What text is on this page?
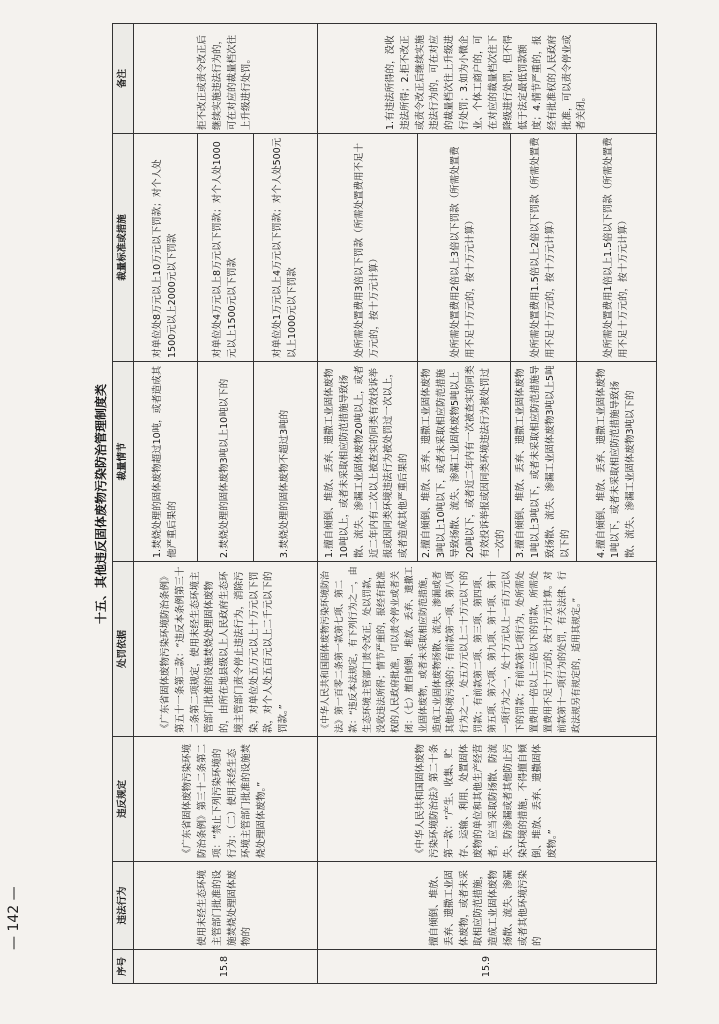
— 142 —
十五、其他违反固体废物污染防治管理制度类
序号	违法行为	违反规定	处罚依据	裁量情节	裁量标准或措施	备注
15.8	使用未经生态环境主管部门批准的设施焚烧处理固体废物的	《广东省固体废物污染环境防治条例》第三十二条第二项：“禁止下列污染环境的行为：（二）使用未经生态环境主管部门批准的设施焚烧处理固体废物。”	《广东省固体废物污染环境防治条例》第五十一条第二款：“违反本条例第三十二条第二项规定，使用未经生态环境主管部门批准的设施焚烧处理固体废物的，由所在地县级以上人民政府生态环境主管部门责令停止违法行为，消除污染，对单位处五万元以上十万元以下罚款，对个人处五百元以上二千元以下的罚款。”	1.焚烧处理的固体废物超过10吨，或者造成其他严重后果的	对单位处8万元以上10万元以下罚款；对个人处1500元以上2000元以下罚款	拒不改正或责令改正后继续实施违法行为的，可在对应的裁量档次往上升级进行处罚。
				2.焚烧处理的固体废物3吨以上10吨以下的	对单位处4万元以上8万元以下罚款；对个人处1000元以上1500元以下罚款	
				3.焚烧处理的固体废物不超过3吨的	对单位处1万元以上4万元以下罚款；对个人处500元以上1000元以下罚款	
15.9	擅自倾倒、堆放、丢弃、遗撒工业固体废物，或者未采取相应防范措施，造成工业固体废物扬散、流失、渗漏或者其他环境污染的	《中华人民共和国固体废物污染环境防治法》第二十条第一款：“产生、收集、贮存、运输、利用、处置固体废物的单位和其他生产经营者，应当采取防扬散、防流失、防渗漏或者其他防止污染环境的措施，不得擅自倾倒、堆放、丢弃、遗撒固体废物。”	《中华人民共和国固体废物污染环境防治法》第一百零二条第一款第七项、第二款：“违反本法规定，有下列行为之一，由生态环境主管部门责令改正，处以罚款，没收违法所得；情节严重的，报经有批准权的人民政府批准，可以责令停业或者关闭：（七）擅自倾倒、堆放、丢弃、遗撒工业固体废物，或者未采取相应防范措施，造成工业固体废物扬散、流失、渗漏或者其他环境污染的；有前款第一项、第八项行为之一，处五万元以上二十万元以下的罚款；有前款第二项、第三项、第四项、第五项、第六项、第九项、第十项、第十一项行为之一，处十万元以上一百万元以下的罚款；有前款第七项行为，处所需处置费用一倍以上三倍以下的罚款，所需处置费用不足十万元的，按十万元计算。对前款第十一项行为的处罚，有关法律、行政法规另有规定的，适用其规定。”	1.擅自倾倒、堆放、丢弃、遗撒工业固体废物10吨以上，或者未采取相应防范措施导致扬散、流失、渗漏工业固体废物20吨以上，或者近二年内有二次以上被查实的同类有效投诉举报或因同类环境违法行为被处罚过一次以上，或者造成其他严重后果的	处所需处置费用3倍以下罚款（所需处置费用不足十万元的，按十万元计算）	1.有违法所得的，没收违法所得；2.拒不改正或责令改正后继续实施违法行为的，可在对应的裁量档次往上升级进行处罚；3.如为小微企业、个体工商户的，可在对应的裁量档次往下降级进行处罚，但不得低于法定最低罚款额度；4.情节严重的，报经有批准权的人民政府批准，可以责令停业或者关闭。
				2.擅自倾倒、堆放、丢弃、遗撒工业固体废物3吨以上10吨以下，或者未采取相应防范措施导致扬散、流失、渗漏工业固体废物5吨以上20吨以下，或者近二年内有一次被查实的同类有效投诉举报或因同类环境违法行为被处罚过一次的	处所需处置费用2倍以上3倍以下罚款（所需处置费用不足十万元的，按十万元计算）	
				3.擅自倾倒、堆放、丢弃、遗撒工业固体废物1吨以上3吨以下，或者未采取相应防范措施导致扬散、流失、渗漏工业固体废物3吨以上5吨以下的	处所需处置费用1.5倍以上2倍以下罚款（所需处置费用不足十万元的，按十万元计算）	
				4.擅自倾倒、堆放、丢弃、遗撒工业固体废物1吨以下，或者未采取相应防范措施导致扬散、流失、渗漏工业固体废物3吨以下的	处所需处置费用1倍以上1.5倍以下罚款（所需处置费用不足十万元的，按十万元计算）	
